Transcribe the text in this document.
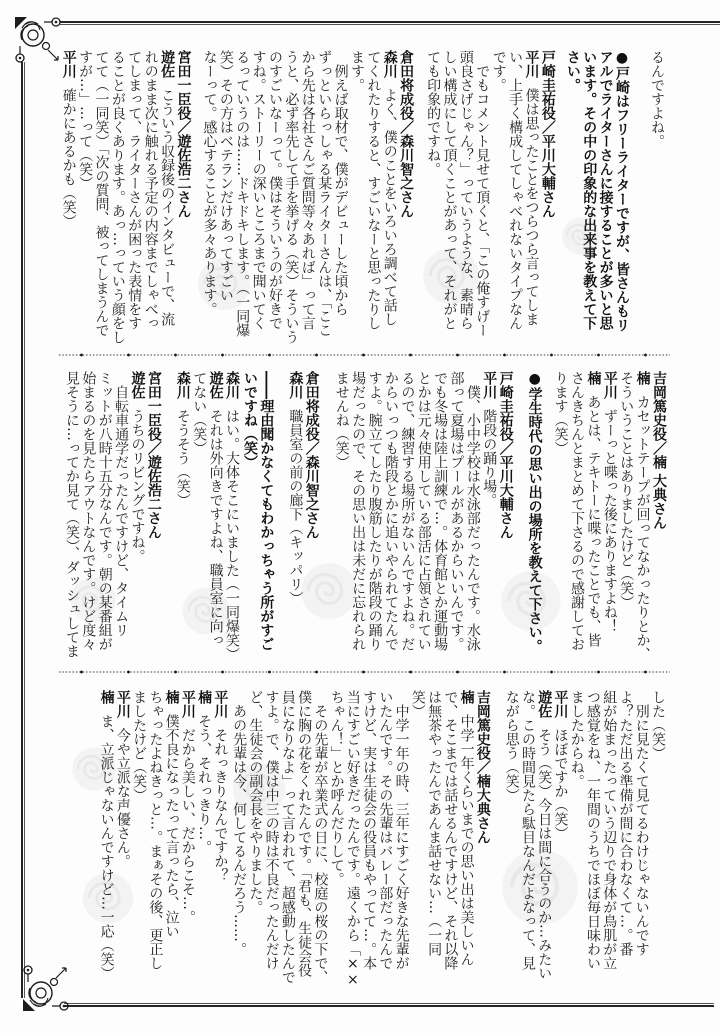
るんですよね。
●戸崎はフリーライターですが、皆さんもリ
アルでライターさんに接することが多いと思
います。その中の印象的な出来事を教えて下
さい。
戸崎圭祐役／平川大輔さん
平川僕は思ったことをつらつら言ってしま
い、上手く構成してしゃべれないタイプなん
です。
　でもコメント見せて頂くと、「この俺すげー
頭良さげじゃん？」っていうような、素晴ら
しい構成にして頂くことがあって、それがと
ても印象的ですね。
倉田将成役／森川智之さん
森川よく、僕のことをいろいろ調べて話し
てくれたりすると、すごいなーと思ったりし
ます。
　例えば取材で、僕がデビューした頃から
ずっといらっしゃる某ライターさんは、「ここ
から先は各社さんご質問等々あれば」って言
うと、必ず率先して手を挙げる（笑）そういう
のすごいなーって。僕はそういうのが好きで
すね。ストーリーの深いところまで聞いてく
るっていうのは……ドキドキします。（一同爆
笑）その方はベテランだけあってすごい
なーって。感心することが多々あります。
宮田一臣役／遊佐浩二さん
遊佐こういう収録後のインタビューで、流
れのまま次に触れる予定の内容までしゃべっ
てしまって、ライターさんが困った表情をす
ることが良くあります。あっ…っていう顔をし
てて（一同笑）「次の質問、被ってしまうんで
すが…」…って（笑）
平川確かにあるかも（笑）
吉岡篤史役／楠 大典さん
楠カセットテープが回ってなかったりとか、
そういうことはありましたけど（笑）
平川ずーっと喋った後にありますよね！
楠あとは、テキトーに喋ったことでも、皆
さんきちんとまとめて下さるので感謝してお
ります（笑）
●学生時代の思い出の場所を教えて下さい。
戸崎圭祐役／平川大輔さん
平川階段の踊り場。
　僕、小中学校は水泳部だったんです。水泳
部って夏場はプールがあるからいいんです。
でも冬場は陸上訓練で…。体育館とか運動場
とかは元々使用している部活に占領されてい
るので、練習する場所がないんですよね。だ
からいっつも階段とかに追いやられてたんで
すよ。腕立てしたり腹筋したりが階段の踊り
場だったので、その思い出は未だに忘れられ
ませんね（笑）
倉田将成役／森川智之さん
森川職員室の前の廊下（キッパリ）
――理由聞かなくてもわかっちゃう所がすご
いですね（笑）
森川はい。大体そこにいました（一同爆笑）
遊佐それは外向きですよね、職員室に向っ
てない（笑）
森川そうそう（笑）
宮田一臣役／遊佐浩二さん
遊佐うちのリビングですね。
　自転車通学だったんですけど、タイムリ
ミットが八時十五分なんです。朝の某番組が
始まるのを見たらアウトなんです。けど度々
見そうに…ってか見て（笑）、ダッシュしてま
した（笑）
　別に見たくて見てるわけじゃないんです
よ？ただ出る準備が間に合わなくて…。番
組が始まったっていう辺りで身体が鳥肌が立
つ感覚をね、一年間のうちでほぼ毎日味わい
ましたからね。
平川ほぼですか（笑）
遊佐そう（笑）今日は間に合うのか…みたい
な。この時間見たら駄目なんだよなって、見
ながら思う（笑）
吉岡篤史役／楠大典さん
楠中学一年くらいまでの思い出は美しいん
で、そこまでは話せるんですけど、それ以降
は無茶やったんであんま話せない…（一同
笑）
　中学一年の時、三年にすごく好きな先輩が
いたんです。その先輩はバレー部だったんで
すけど、実は生徒会の役員もやってて…。本
当にすごい好きだったんです。遠くから「××
ちゃん！」とか呼んだりして。
　その先輩が卒業式の日に、校庭の桜の下で、
僕に胸の花をくれたんです。「君も、生徒会役
員になりなよ」って言われて、超感動したんで
すよ。で、僕は中三の時は不良だったんだけ
ど、生徒会の副会長をやりました。
　あの先輩は今、何してるんだろう……。
平川それっきりなんですか？
楠そう、それっきり…。
平川だから美しい、だからこそ…。
楠僕不良になったって言ったら、泣い
ちゃったよねきっと…。まぁその後、更正し
ましたけど（笑）
平川今や立派な声優さん。
楠ま、立派じゃないんですけど…一応（笑）
